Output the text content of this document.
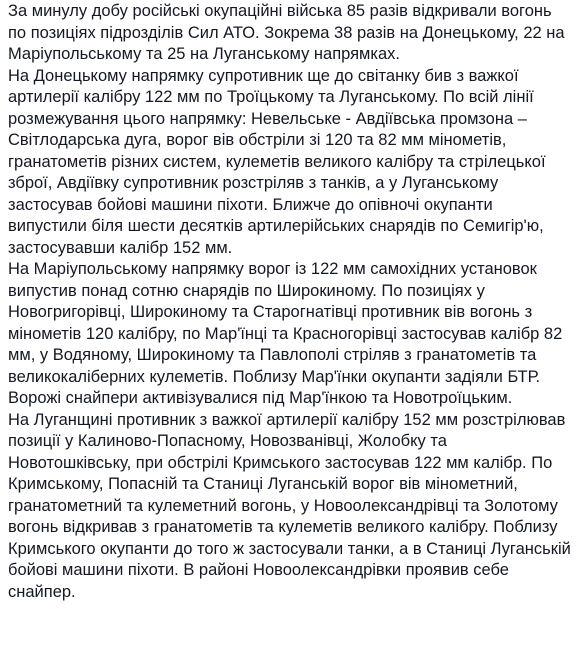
За минулу добу російські окупаційні війська 85 разів відкривали вогонь по позиціях підрозділів Сил АТО. Зокрема 38 разів на Донецькому, 22 на Маріупольському та 25 на Луганському напрямках.

На Донецькому напрямку супротивник ще до світанку бив з важкої артилерії калібру 122 мм по Троїцькому та Луганському. По всій лінії розмежування цього напрямку: Невельське - Авдіївська промзона – Світлодарська дуга, ворог вів обстріли зі 120 та 82 мм мінометів, гранатометів різних систем, кулеметів великого калібру та стрілецької зброї, Авдіївку супротивник розстріляв з танків, а у Луганському застосував бойові машини піхоти. Ближче до опівночі окупанти випустили біля шести десятків артилерійських снарядів по Семигір'ю, застосувавши калібр 152 мм.

На Маріупольському напрямку ворог із 122 мм самохідних установок випустив понад сотню снарядів по Широкиному. По позиціях у Новогригорівці, Широкиному та Старогнатівці противник вів вогонь з мінометів 120 калібру, по Мар'їнці та Красногорівці застосував калібр 82 мм, у Водяному, Широкиному та Павлополі стріляв з гранатометів та великокаліберних кулеметів. Поблизу Мар'їнки окупанти задіяли БТР. Ворожі снайпери активізувалися під Мар'їнкою та Новотроїцьким.

На Луганщині противник з важкої артилерії калібру 152 мм розстрілював позиції у Калиново-Попасному, Новозванівці, Жолобку та Новотошківську, при обстрілі Кримського застосував 122 мм калібр. По Кримському, Попасній та Станиці Луганській ворог вів мінометний, гранатометний та кулеметний вогонь, у Новоолександрівці та Золотому вогонь відкривав з гранатометів та кулеметів великого калібру. Поблизу Кримського окупанти до того ж застосували танки, а в Станиці Луганській бойові машини піхоти. В районі Новоолександрівки проявив себе снайпер.
